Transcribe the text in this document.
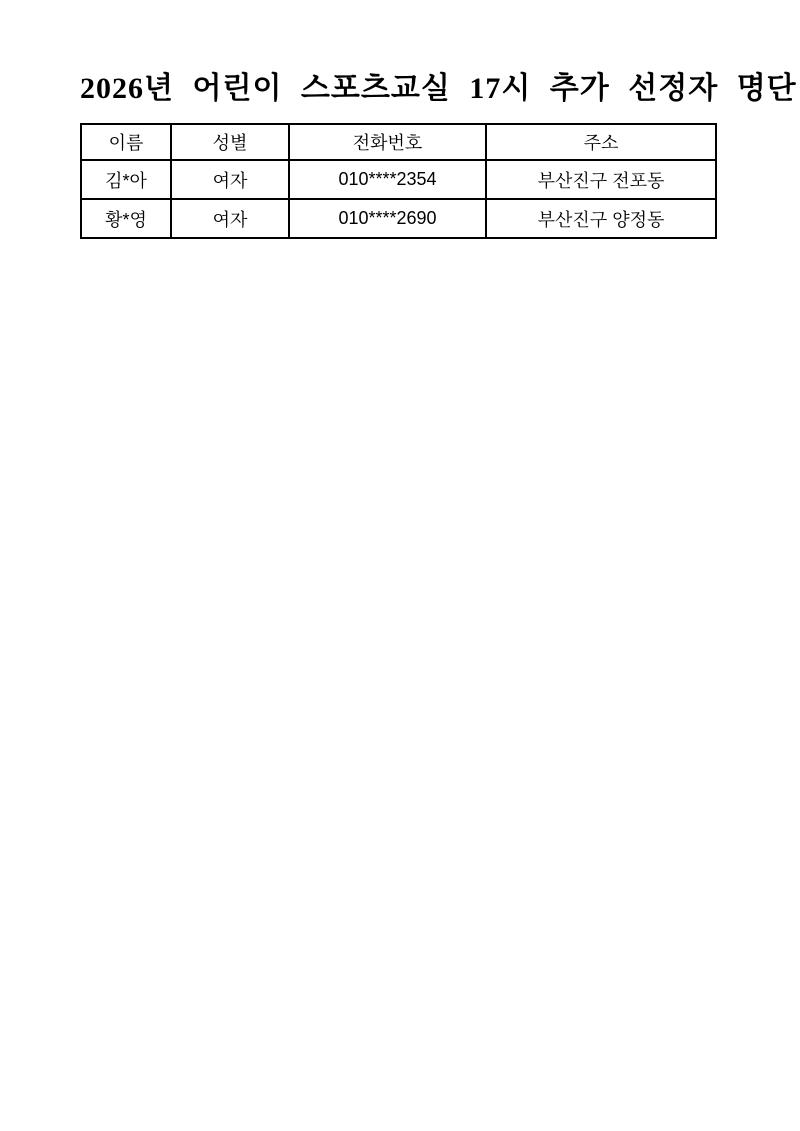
2026년 어린이 스포츠교실 17시 추가 선정자 명단
이름	성별	전화번호	주소
김*아	여자	010****2354	부산진구 전포동
황*영	여자	010****2690	부산진구 양정동
